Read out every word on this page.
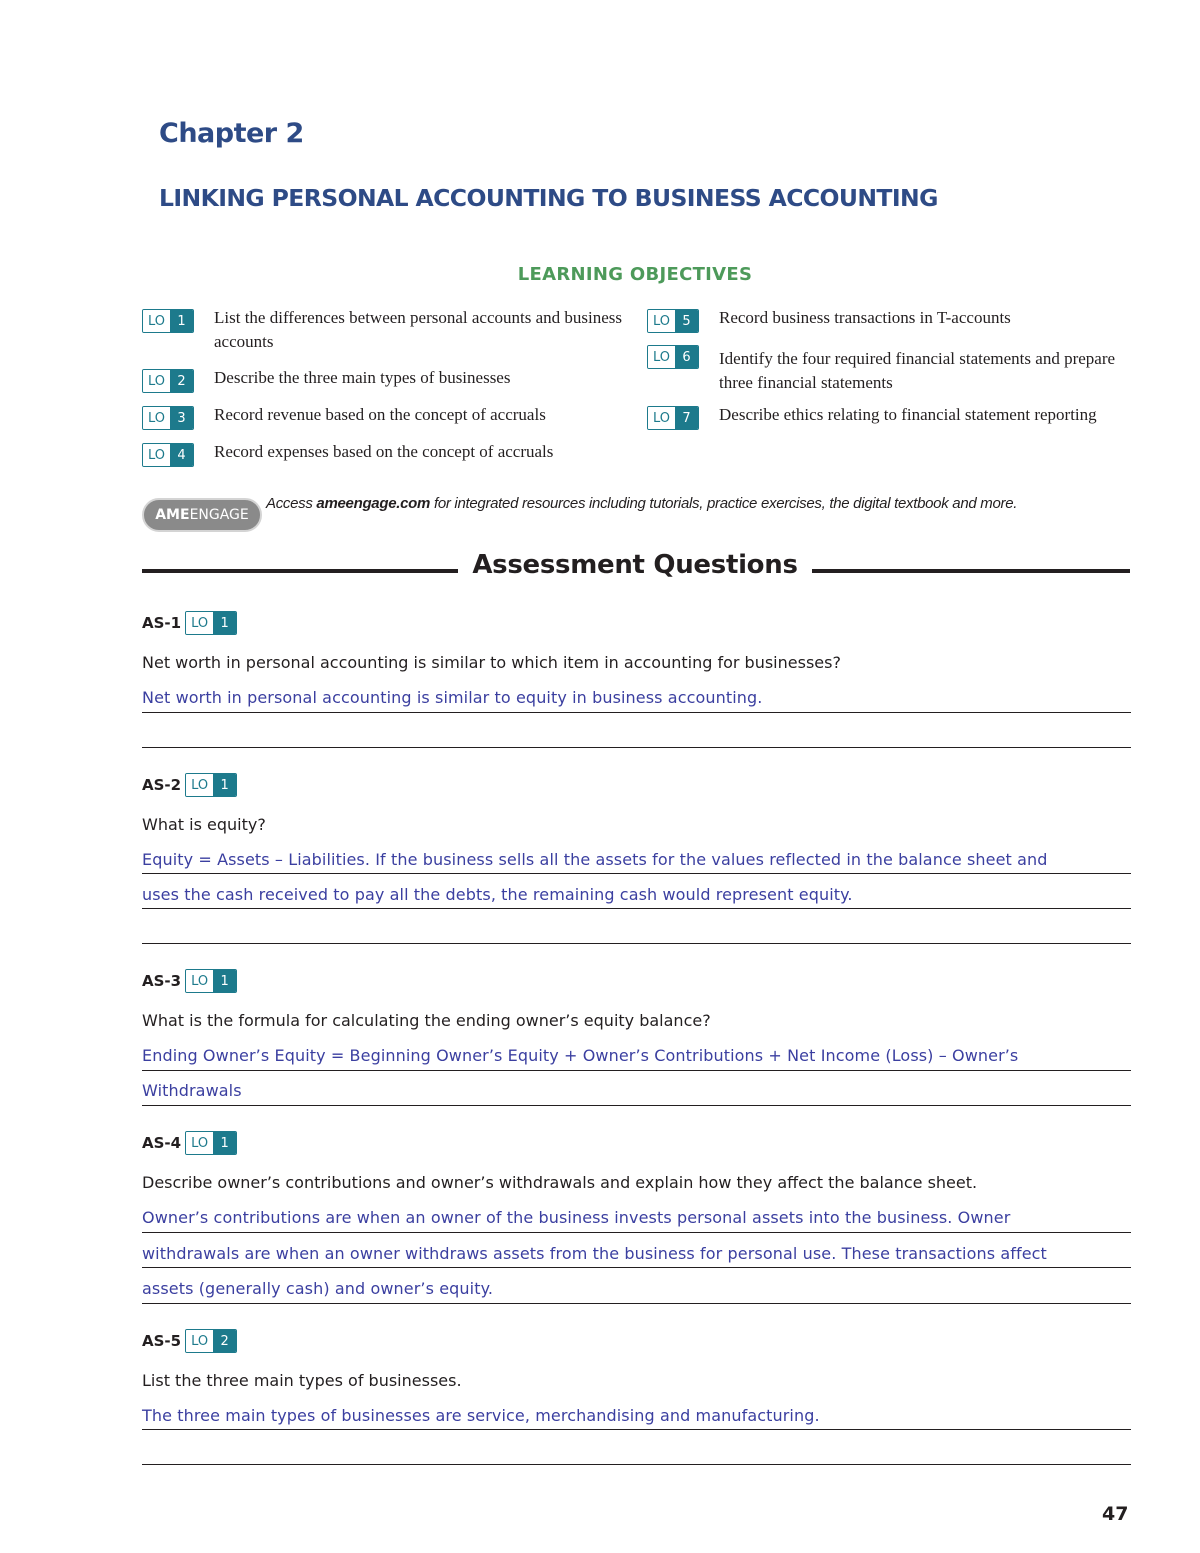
Chapter 2
LINKING PERSONAL ACCOUNTING TO BUSINESS ACCOUNTING
LEARNING OBJECTIVES
LO 1	List the differences between personal accounts and business accounts
LO 2	Describe the three main types of businesses
LO 3	Record revenue based on the concept of accruals
LO 4	Record expenses based on the concept of accruals
LO 5	Record business transactions in T-accounts
LO 6	Identify the four required financial statements and prepare three financial statements
LO 7	Describe ethics relating to financial statement reporting
AME ENGAGE
Access ameengage.com for integrated resources including tutorials, practice exercises, the digital textbook and more.
Assessment Questions
AS-1 LO 1
Net worth in personal accounting is similar to which item in accounting for businesses?
Net worth in personal accounting is similar to equity in business accounting.
AS-2 LO 1
What is equity?
Equity = Assets – Liabilities. If the business sells all the assets for the values reflected in the balance sheet and
uses the cash received to pay all the debts, the remaining cash would represent equity.
AS-3 LO 1
What is the formula for calculating the ending owner’s equity balance?
Ending Owner’s Equity = Beginning Owner’s Equity + Owner’s Contributions + Net Income (Loss) – Owner’s
Withdrawals
AS-4 LO 1
Describe owner’s contributions and owner’s withdrawals and explain how they affect the balance sheet.
Owner’s contributions are when an owner of the business invests personal assets into the business. Owner
withdrawals are when an owner withdraws assets from the business for personal use. These transactions affect
assets (generally cash) and owner’s equity.
AS-5 LO 2
List the three main types of businesses.
The three main types of businesses are service, merchandising and manufacturing.
47
